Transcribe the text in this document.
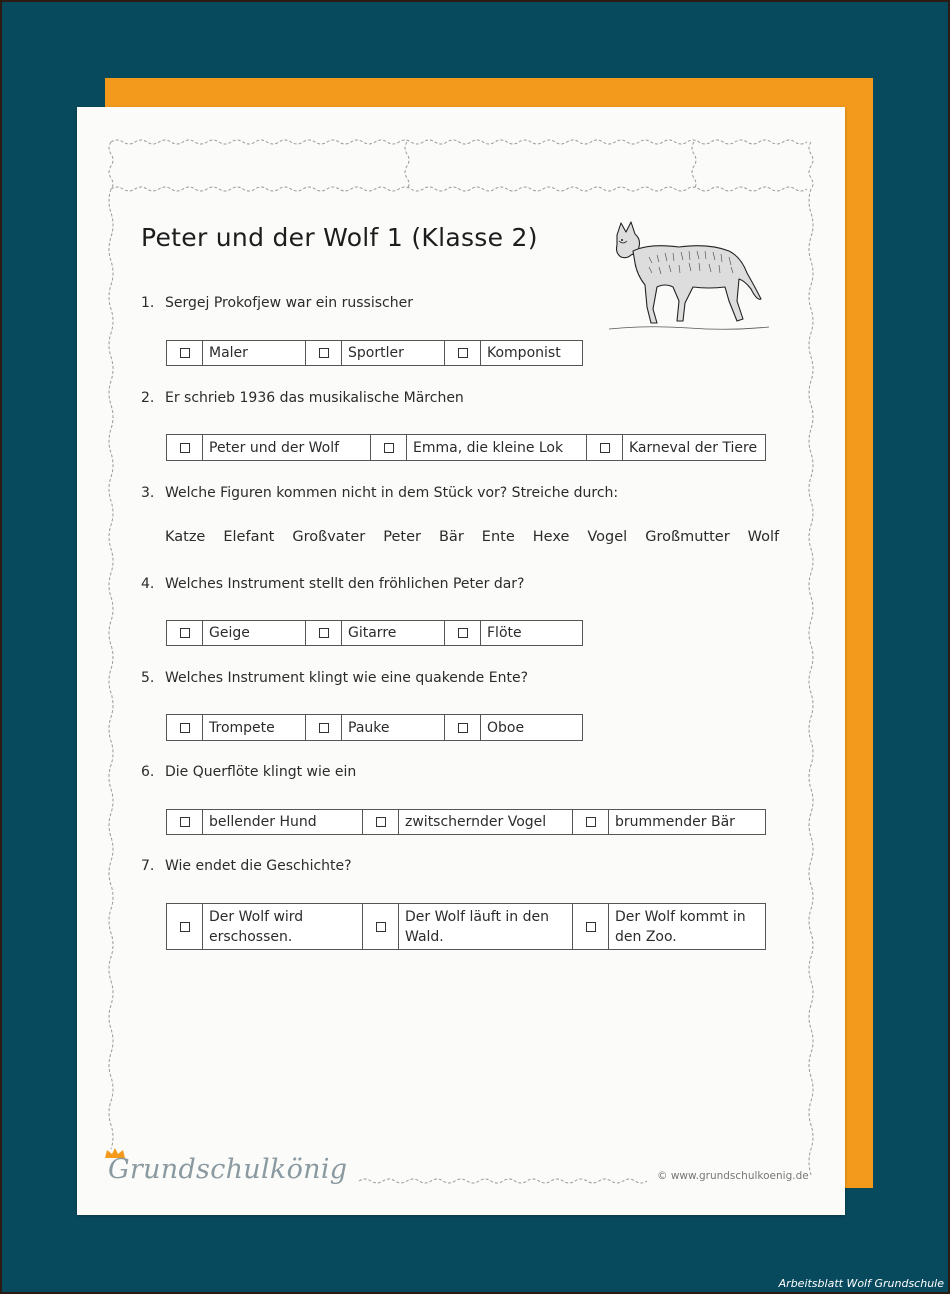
Peter und der Wolf 1 (Klasse 2)
1. Sergej Prokofjew war ein russischer
Maler	Sportler	Komponist
2. Er schrieb 1936 das musikalische Märchen
Peter und der Wolf	Emma, die kleine Lok	Karneval der Tiere
3. Welche Figuren kommen nicht in dem Stück vor? Streiche durch:
Katze Elefant Großvater Peter Bär Ente Hexe Vogel Großmutter Wolf
4. Welches Instrument stellt den fröhlichen Peter dar?
Geige	Gitarre	Flöte
5. Welches Instrument klingt wie eine quakende Ente?
Trompete	Pauke	Oboe
6. Die Querflöte klingt wie ein
bellender Hund	zwitschernder Vogel	brummender Bär
7. Wie endet die Geschichte?
Der Wolf wird erschossen.
Der Wolf läuft in den Wald.
Der Wolf kommt in den Zoo.
Grundschulkönig	© www.grundschulkoenig.de
Arbeitsblatt Wolf Grundschule
